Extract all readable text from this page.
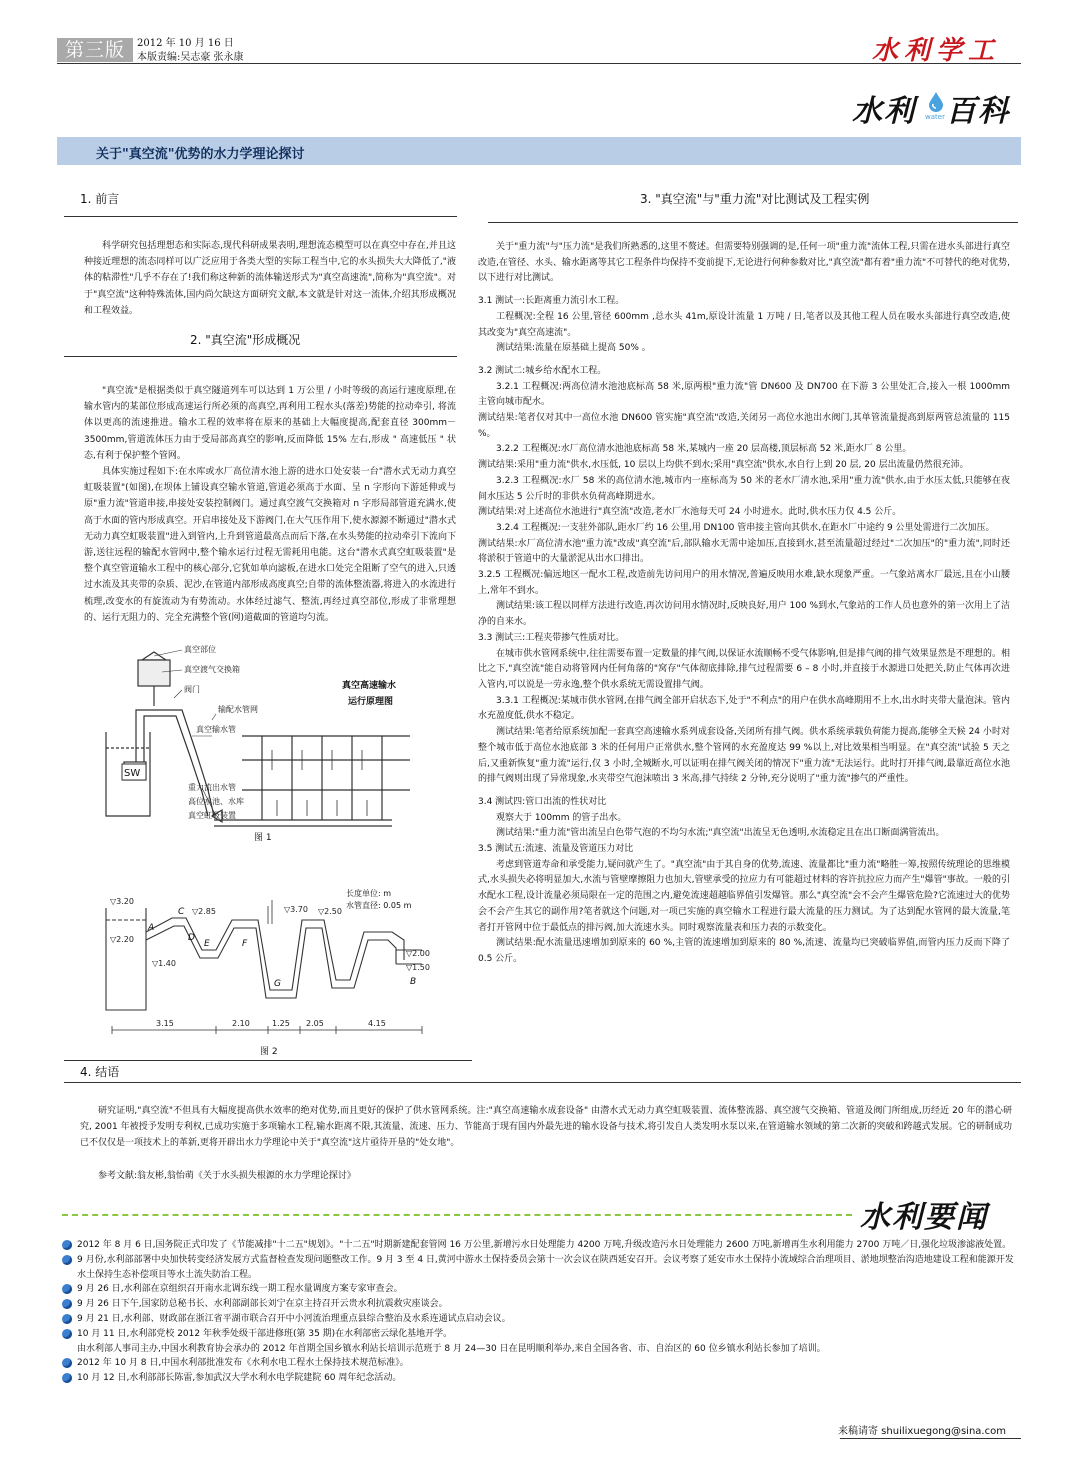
第三版	2012 年 10 月 16 日
本版责编:吴志豪 张永康	水利学工
水利 water 百科
关于"真空流"优势的水力学理论探讨
1. 前言

科学研究包括理想态和实际态,现代科研成果表明,理想流态模型可以在真空中存在,并且这种接近理想的流态同样可以广泛应用于各类大型的实际工程当中,它的水头损失大大降低了,"液体的粘滞性"几乎不存在了!我们称这种新的流体输送形式为"真空高速流",简称为"真空流"。对于"真空流"这种特殊流体,国内尚欠缺这方面研究文献,本文就是针对这一流体,介绍其形成概况和工程效益。

2. "真空流"形成概况

"真空流"是根据类似于真空隧道列车可以达到 1 万公里 / 小时等级的高运行速度原理,在输水管内的某部位形成高速运行所必须的高真空,再利用工程水头(落差)势能的拉动牵引, 将流体以更高的流速推进。输水工程的效率将在原来的基础上大幅度提高,配套直径 300mm－3500mm,管道流体压力由于受局部高真空的影响,反而降低 15% 左右,形成 " 高速低压 " 状态,有利于保护整个管网。

具体实施过程如下:在水库或水厂高位清水池上游的进水口处安装一台"潜水式无动力真空虹吸装置"(如图),在坝体上铺设真空输水管道,管道必须高于水面、呈 n 字形向下游延伸或与原"重力流"管道串接,串接处安装控制阀门。通过真空渡气交换箱对 n 字形局部管道充满水,使高于水面的管内形成真空。开启串接处及下游阀门,在大气压作用下,使水源源不断通过"潜水式无动力真空虹吸装置"进入到管内,上升到管道最高点而后下落,在水头势能的拉动牵引下流向下游,送往远程的输配水管网中,整个输水运行过程无需耗用电能。这台"潜水式真空虹吸装置"是整个真空管道输水工程中的核心部分,它犹如单向滤板,在进水口处完全阻断了空气的进入,只透过水流及其夹带的杂质、泥沙,在管道内部形成高度真空;自带的流体整流器,将进入的水流进行梳理,改变水的有旋流动为有势流动。水体经过滤气、整流,再经过真空部位,形成了非常理想的、运行无阻力的、完全充满整个管(网)道截面的管道均匀流。

SW
真空部位
真空渡气交换箱
阀门
输配水管网
真空输水管
重力流出水管
高位水池、水库
真空虹吸装置
真空高速输水
运行原理图
图 1
▽3.20
▽2.20
▽1.40
▽2.85	▽2.50
▽2.00
▽1.50
▽3.70
A
C
D
E	F
G	B
长度单位: m
水管直径: 0.05 m
3.15	2.10	1.25 2.05	4.15
图 2
3. "真空流"与"重力流"对比测试及工程实例

关于"重力流"与"压力流"是我们所熟悉的,这里不赘述。但需要特别强调的是,任何一项"重力流"流体工程,只需在进水头部进行真空改造,在管径、水头、输水距离等其它工程条件均保持不变前提下,无论进行何种参数对比,"真空流"都有着"重力流"不可替代的绝对优势,以下进行对比测试。

3.1 测试一:长距离重力流引水工程。

工程概况:全程 16 公里,管径 600mm ,总水头 41m,原设计流量 1 万吨 / 日,笔者以及其他工程人员在吸水头部进行真空改造,使其改变为"真空高速流"。

测试结果:流量在原基础上提高 50% 。

3.2 测试二:城乡给水配水工程。

3.2.1 工程概况:两高位清水池池底标高 58 米,原两根"重力流"管 DN600 及 DN700 在下游 3 公里处汇合,接入一根 1000mm 主管向城市配水。

测试结果:笔者仅对其中一高位水池 DN600 管实施"真空流"改造,关闭另一高位水池出水阀门,其单管流量提高到原两管总流量的 115 %。

3.2.2 工程概况:水厂高位清水池池底标高 58 米,某城内一座 20 层高楼,顶层标高 52 米,距水厂 8 公里。

测试结果:采用"重力流"供水,水压低, 10 层以上均供不到水;采用"真空流"供水,水自行上到 20 层, 20 层出流量仍然很充沛。

3.2.3 工程概况:水厂 58 米的高位清水池,城市内一座标高为 50 米的老水厂清水池,采用"重力流"供水,由于水压太低,只能够在夜间水压达 5 公斤时的非供水负荷高峰期进水。

测试结果:对上述高位水池进行"真空流"改造,老水厂水池每天可 24 小时进水。此时,供水压力仅 4.5 公斤。

3.2.4 工程概况:一支驻外部队,距水厂约 16 公里,用 DN100 管串接主管向其供水,在距水厂中途约 9 公里处需进行二次加压。

测试结果:水厂高位清水池"重力流"改成"真空流"后,部队输水无需中途加压,直接到水,甚至流量超过经过"二次加压"的"重力流",同时还将淤积于管道中的大量淤泥从出水口排出。

3.2.5 工程概况:偏远地区一配水工程,改造前先访问用户的用水情况,普遍反映用水难,缺水现象严重。一气象站离水厂最远,且在小山腰上,常年不到水。

测试结果:该工程以同样方法进行改造,再次访问用水情况时,反映良好,用户 100 %到水,气象站的工作人员也意外的第一次用上了洁净的自来水。

3.3 测试三:工程夹带掺气性质对比。

在城市供水管网系统中,往往需要布置一定数量的排气阀,以保证水流顺畅不受气体影响,但是排气阀的排气效果显然是不理想的。相比之下,"真空流"能自动将管网内任何角落的"窝存"气体彻底排除,排气过程需要 6 – 8 小时,并直接于水源进口处把关,防止气体再次进入管内,可以说是一劳永逸,整个供水系统无需设置排气阀。

3.3.1 工程概况:某城市供水管网,在排气阀全部开启状态下,处于"不利点"的用户在供水高峰期用不上水,出水时夹带大量泡沫。管内水充盈度低,供水不稳定。

测试结果:笔者给原系统加配一套真空高速输水系列成套设备,关闭所有排气阀。供水系统承载负荷能力提高,能够全天候 24 小时对整个城市低于高位水池底部 3 米的任何用户正常供水,整个管网的水充盈度达 99 %以上,对比效果相当明显。在"真空流"试验 5 天之后,又重新恢复"重力流"运行,仅 3 小时,全城断水,可以证明在排气阀关闭的情况下"重力流"无法运行。此时打开排气阀,最靠近高位水池的排气阀则出现了异常现象,水夹带空气泡沫喷出 3 米高,排气持续 2 分钟,充分说明了"重力流"掺气的严重性。

3.4 测试四:管口出流的性状对比

观察大于 100mm 的管子出水。

测试结果:"重力流"管出流呈白色带气泡的不均匀水流;"真空流"出流呈无色透明,水流稳定且在出口断面满管流出。

3.5 测试五:流速、流量及管道压力对比

考虑到管道寿命和承受能力,疑问就产生了。"真空流"由于其自身的优势,流速、流量都比"重力流"略胜一筹,按照传统理论的思维模式,水头损失必将明显加大,水流与管壁摩擦阻力也加大,管壁承受的拉应力有可能超过材料的容许抗拉应力而产生"爆管"事故。一般的引水配水工程,设计流量必须局限在一定的范围之内,避免流速超越临界值引发爆管。那么"真空流"会不会产生爆管危险?它流速过大的优势会不会产生其它的副作用?笔者就这个问题,对一项已实施的真空输水工程进行最大流量的压力测试。为了达到配水管网的最大流量,笔者打开管网中位于最低点的排污阀,加大流速水头。同时观察流量表和压力表的示数变化。

测试结果:配水流量迅速增加到原来的 60 %,主管的流速增加到原来的 80 %,流速、流量均已突破临界值,而管内压力反而下降了 0.5 公斤。

4. 结语

研究证明,"真空流"不但具有大幅度提高供水效率的绝对优势,而且更好的保护了供水管网系统。注:"真空高速输水成套设备" 由潜水式无动力真空虹吸装置、流体整流器、真空渡气交换箱、管道及阀门所组成,历经近 20 年的潜心研究, 2001 年被授予发明专利权,已成功实施于多项输水工程,输水距离不限,其流量、流速、压力、节能高于现有国内外最先进的输水设备与技术,将引发自人类发明水泵以来,在管道输水领域的第二次新的突破和跨越式发展。它的研制成功已不仅仅是一项技术上的革新,更将开辟出水力学理论中关于"真空流"这片亟待开垦的"处女地"。

参考文献:翁友彬,翁怡萌《关于水头损失根源的水力学理论探讨》
水利要闻
2012 年 8 月 6 日,国务院正式印发了《节能减排"十二五"规划》。"十二五"时期新建配套管网 16 万公里,新增污水日处理能力 4200 万吨,升级改造污水日处理能力 2600 万吨,新增再生水利用能力 2700 万吨／日,强化垃圾渗滤液处置。
9 月份,水利部部署中央加快转变经济发展方式监督检查发现问题整改工作。9 月 3 至 4 日,黄河中游水土保持委员会第十一次会议在陕西延安召开。会议考察了延安市水土保持小流域综合治理项目、淤地坝整治沟造地建设工程和能源开发水土保持生态补偿项目等水土流失防治工程。
9 月 26 日,水利部在京组织召开南水北调东线一期工程水量调度方案专家审查会。
9 月 26 日下午,国家防总秘书长、水利部副部长刘宁在京主持召开云贵水利抗震救灾座谈会。
9 月 21 日,水利部、财政部在浙江省平湖市联合召开中小河流治理重点县综合整治及水系连通试点启动会议。
10 月 11 日,水利部党校 2012 年秋季处级干部进修班(第 35 期)在水利部密云绿化基地开学。
由水利部人事司主办,中国水利教育协会承办的 2012 年首期全国乡镇水利站长培训示范班于 8 月 24—30 日在昆明顺利举办,来自全国各省、市、自治区的 60 位乡镇水利站长参加了培训。
2012 年 10 月 8 日,中国水利部批准发布《水利水电工程水土保持技术规范标准》。
10 月 12 日,水利部部长陈雷,参加武汉大学水利水电学院建院 60 周年纪念活动。
来稿请寄 shuilixuegong@sina.com
